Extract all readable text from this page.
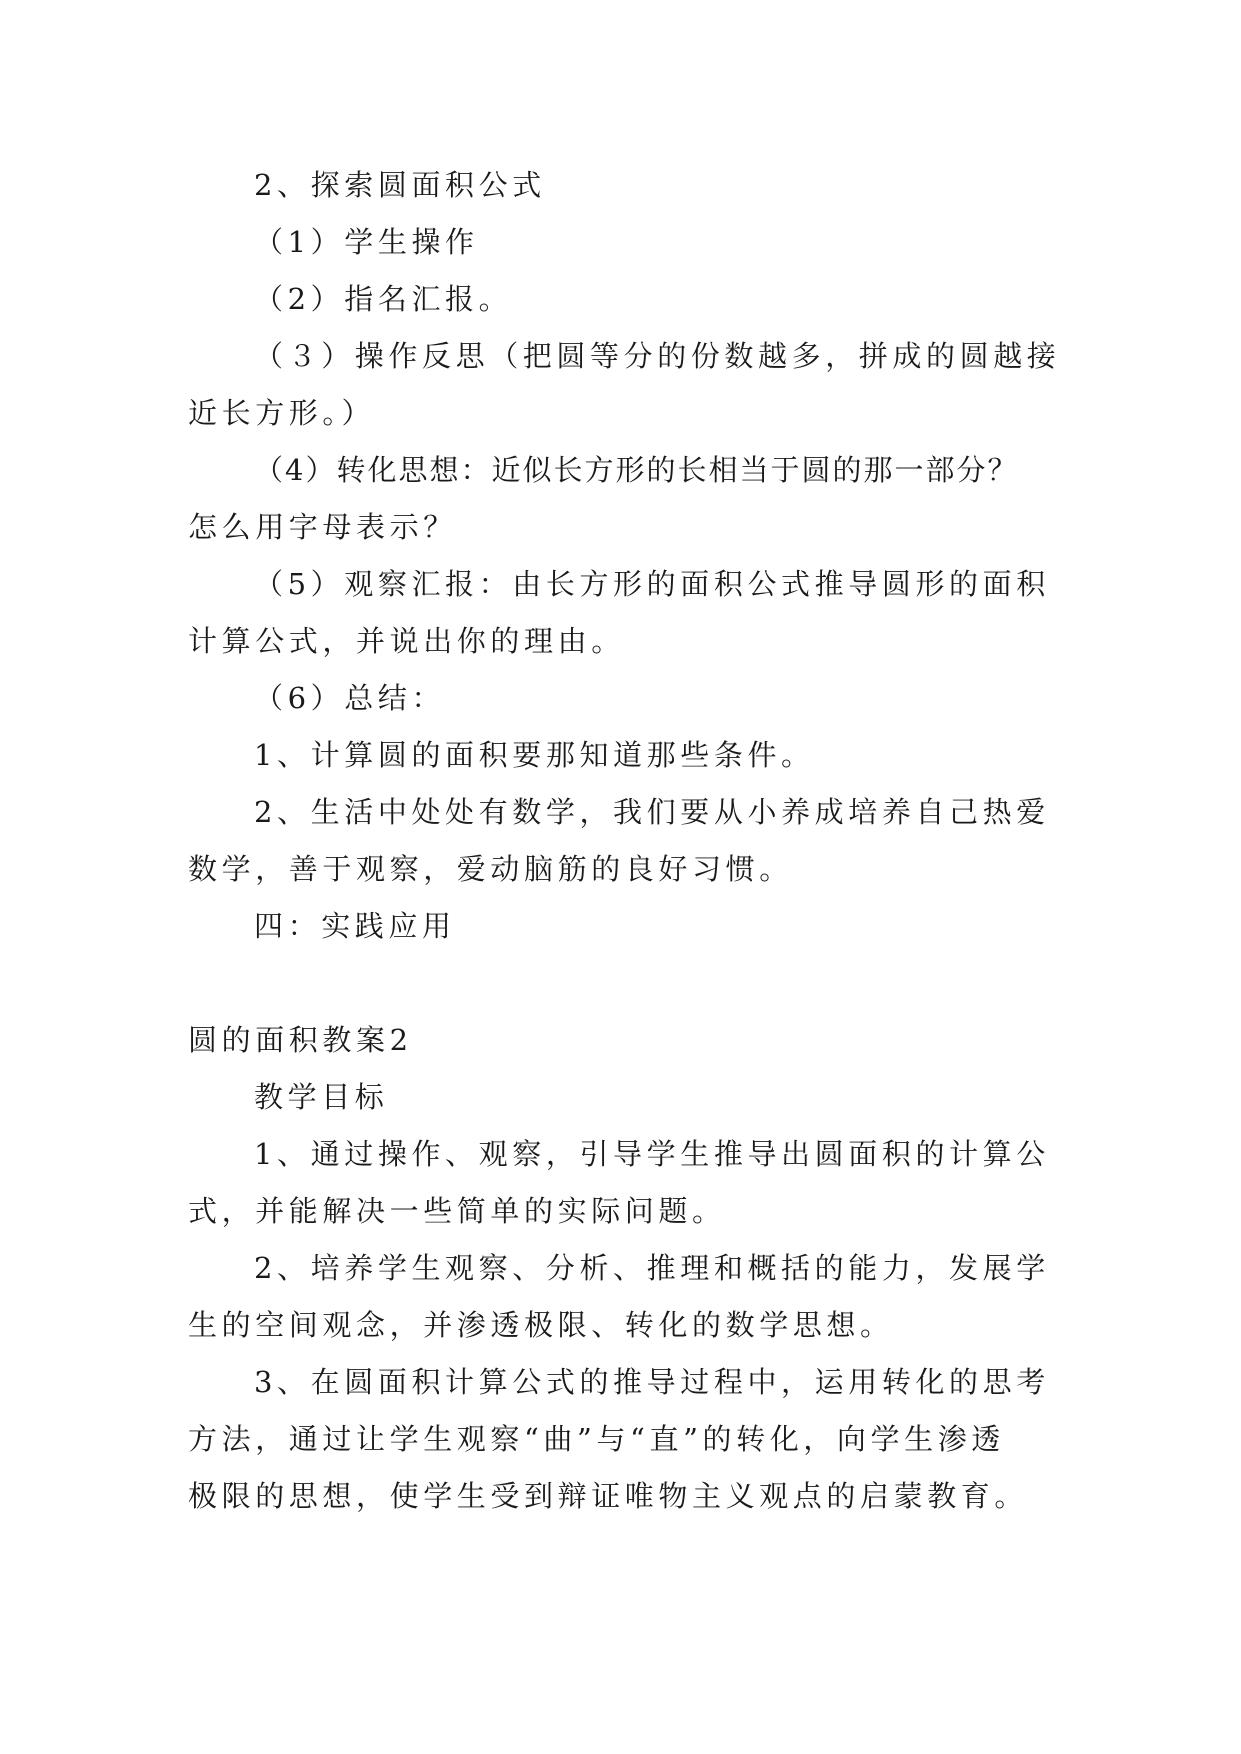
2、探索圆面积公式
（1）学生操作
（2）指名汇报。
（３）操作反思（把圆等分的份数越多，拼成的圆越接
近长方形。）
（4）转化思想：近似长方形的长相当于圆的那一部分？
怎么用字母表示？
（5）观察汇报：由长方形的面积公式推导圆形的面积
计算公式，并说出你的理由。
（6）总结：
1、计算圆的面积要那知道那些条件。
2、生活中处处有数学，我们要从小养成培养自己热爱
数学，善于观察，爱动脑筋的良好习惯。
四：实践应用
圆的面积教案2
教学目标
1、通过操作、观察，引导学生推导出圆面积的计算公
式，并能解决一些简单的实际问题。
2、培养学生观察、分析、推理和概括的能力，发展学
生的空间观念，并渗透极限、转化的数学思想。
3、在圆面积计算公式的推导过程中，运用转化的思考
方法，通过让学生观察“曲”与“直”的转化，向学生渗透
极限的思想，使学生受到辩证唯物主义观点的启蒙教育。
